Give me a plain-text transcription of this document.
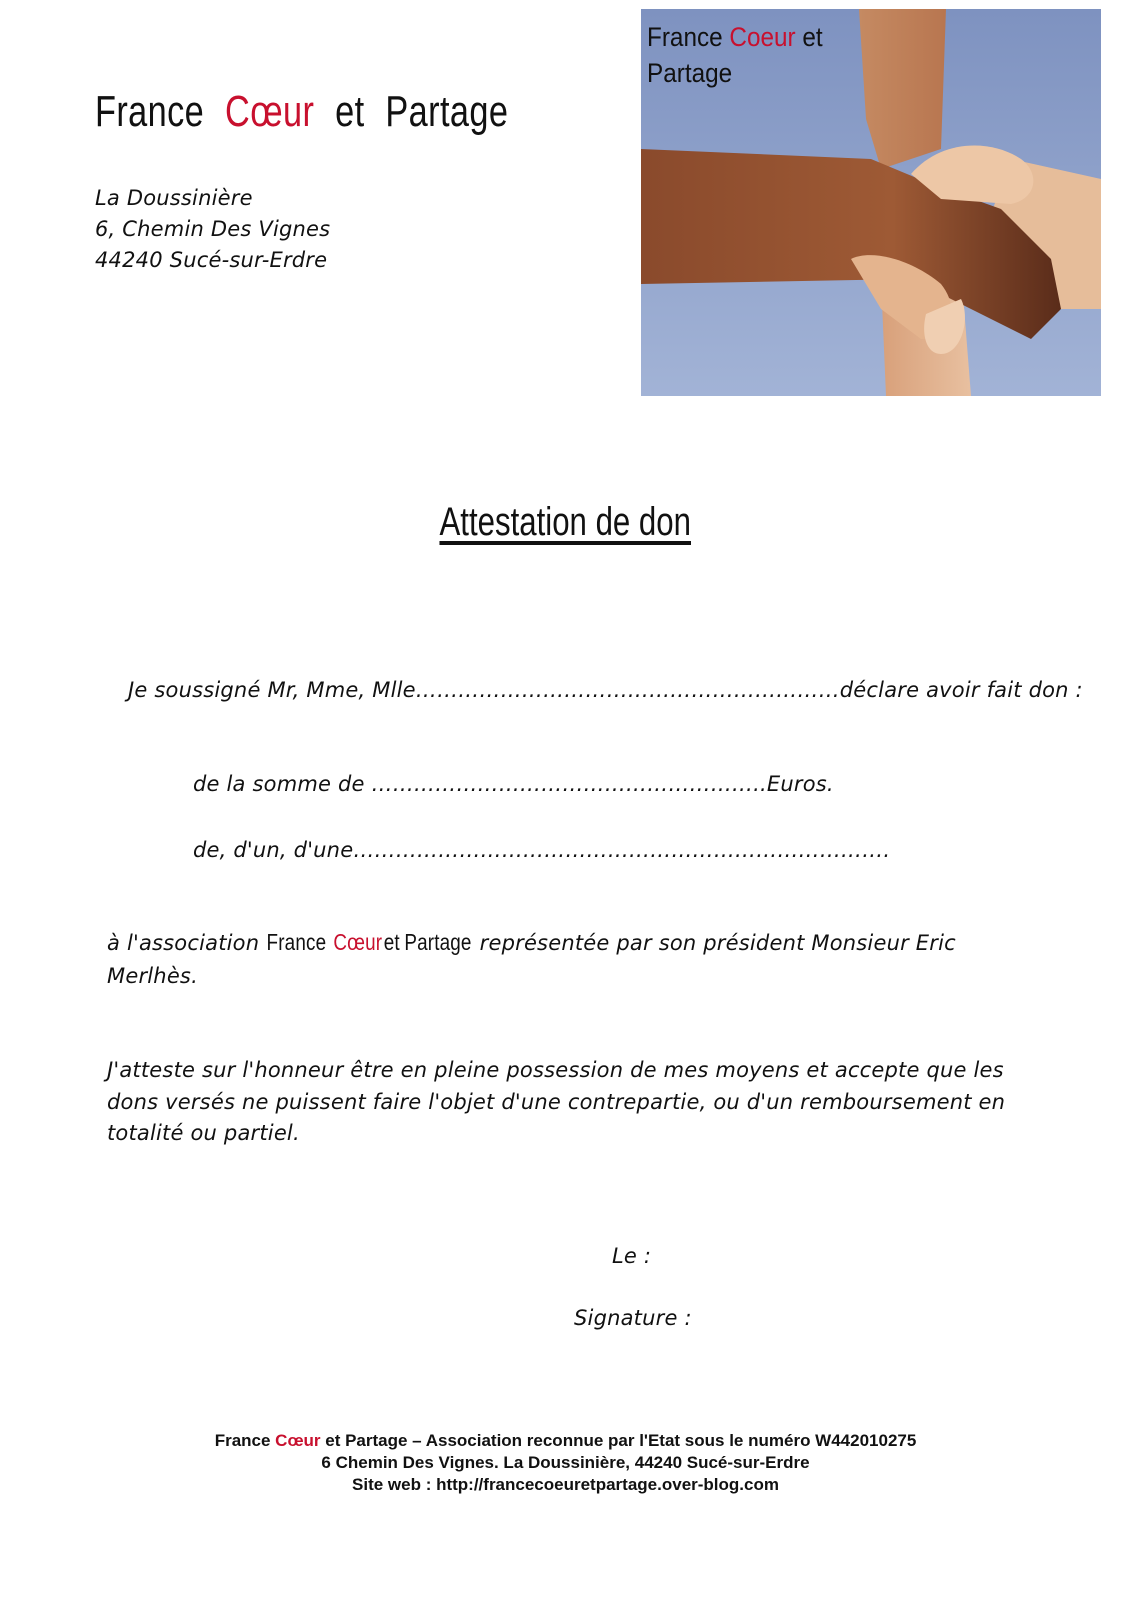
France Cœur et Partage
La Doussinière
6, Chemin Des Vignes
44240 Sucé-sur-Erdre
France Coeur et
Partage
Attestation de don
Je soussigné Mr, Mme, Mlle……………………………………………………déclare avoir fait don :
de la somme de ………………………………………………..Euros.
de, d'un, d'une………………………………………………………………….
à l'association France Cœur et Partage représentée par son président Monsieur Eric
Merlhès.
J'atteste sur l'honneur être en pleine possession de mes moyens et accepte que les
dons versés ne puissent faire l'objet d'une contrepartie, ou d'un remboursement en
totalité ou partiel.
Le :
Signature :
France Cœur et Partage – Association reconnue par l'Etat sous le numéro W442010275
6 Chemin Des Vignes. La Doussinière, 44240 Sucé-sur-Erdre
Site web : http://francecoeuretpartage.over-blog.com
